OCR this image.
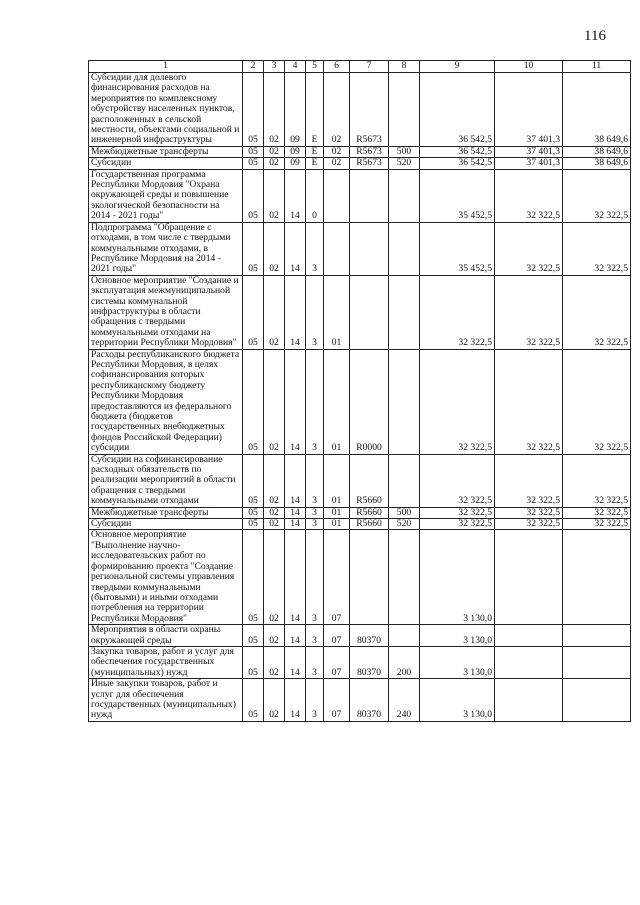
116
1	2	3	4	5	6	7	8	9	10	11
Субсидии для долевого финансирования расходов на мероприятия по комплексному обустройству населенных пунктов, расположенных в сельской местности, объектами социальной и инженерной инфраструктуры	05	02	09	E	02	R5673		36 542,5	37 401,3	38 649,6
Межбюджетные трансферты	05	02	09	E	02	R5673	500	36 542,5	37 401,3	38 649,6
Субсидии	05	02	09	E	02	R5673	520	36 542,5	37 401,3	38 649,6
Государственная программа Республики Мордовия "Охрана окружающей среды и повышение экологической безопасности на 2014 - 2021 годы"	05	02	14	0				35 452,5	32 322,5	32 322,5
Подпрограмма "Обращение с отходами, в том числе с твердыми коммунальными отходами, в Республике Мордовия на 2014 - 2021 годы"	05	02	14	3				35 452,5	32 322,5	32 322,5
Основное мероприятие "Создание и эксплуатация межмуниципальной системы коммунальной инфраструктуры в области обращения с твердыми коммунальными отходами на территории Республики Мордовия"	05	02	14	3	01			32 322,5	32 322,5	32 322,5
Расходы республиканского бюджета Республики Мордовия, в целях софинансирования которых республиканскому бюджету Республики Мордовия предоставляются из федерального бюджета (бюджетов государственных внебюджетных фондов Российской Федерации) субсидии	05	02	14	3	01	R0000		32 322,5	32 322,5	32 322,5
Субсидии на софинансирование расходных обязательств по реализации мероприятий в области обращения с твердыми коммунальными отходами	05	02	14	3	01	R5660		32 322,5	32 322,5	32 322,5
Межбюджетные трансферты	05	02	14	3	01	R5660	500	32 322,5	32 322,5	32 322,5
Субсидии	05	02	14	3	01	R5660	520	32 322,5	32 322,5	32 322,5
Основное мероприятие "Выполнение научно-исследовательских работ по формированию проекта "Создание региональной системы управления твердыми коммунальными (бытовыми) и иными отходами потребления на территории Республики Мордовия"	05	02	14	3	07			3 130,0		
Мероприятия в области охраны окружающей среды	05	02	14	3	07	80370		3 130,0		
Закупка товаров, работ и услуг для обеспечения государственных (муниципальных) нужд	05	02	14	3	07	80370	200	3 130,0		
Иные закупки товаров, работ и услуг для обеспечения государственных (муниципальных) нужд	05	02	14	3	07	80370	240	3 130,0		
